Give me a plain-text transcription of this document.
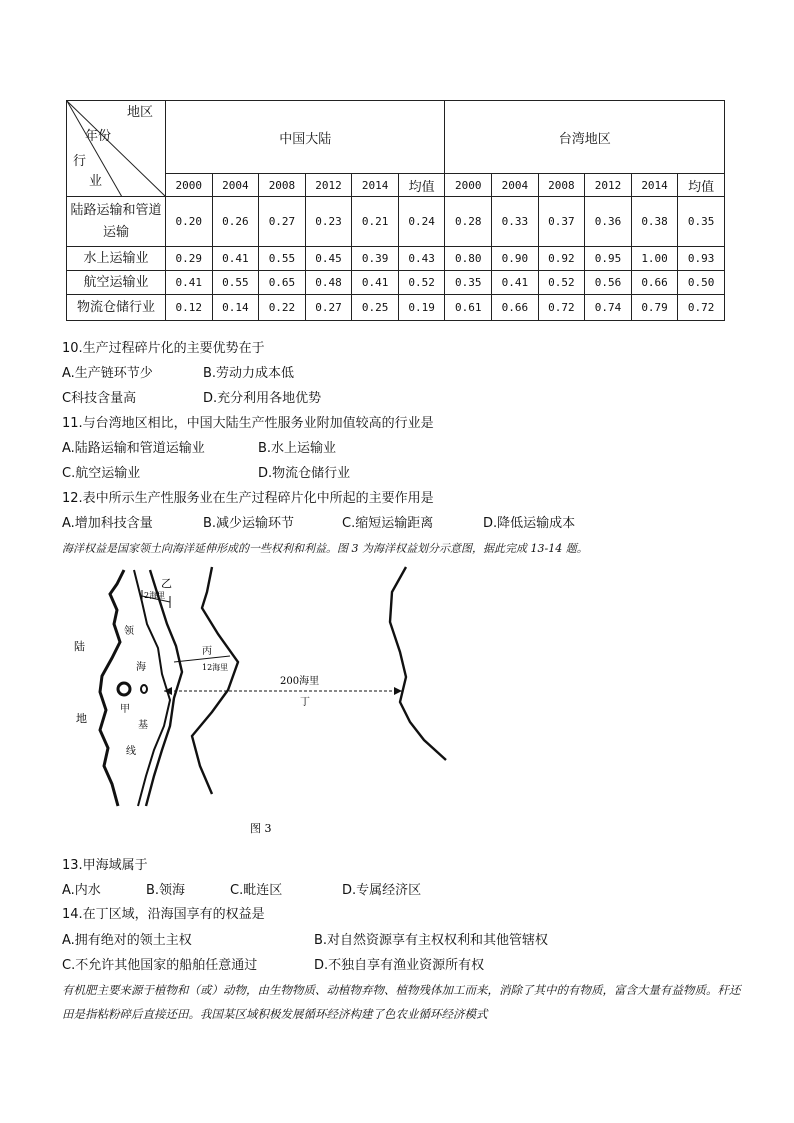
地区
年份
行
业	中国大陆						台湾地区					
	2000	2004	2008	2012	2014	均值	2000	2004	2008	2012	2014	均值
陆路运输和管道运输	0.20	0.26	0.27	0.23	0.21	0.24	0.28	0.33	0.37	0.36	0.38	0.35
水上运输业	0.29	0.41	0.55	0.45	0.39	0.43	0.80	0.90	0.92	0.95	1.00	0.93
航空运输业	0.41	0.55	0.65	0.48	0.41	0.52	0.35	0.41	0.52	0.56	0.66	0.50
物流仓储行业	0.12	0.14	0.22	0.27	0.25	0.19	0.61	0.66	0.72	0.74	0.79	0.72
10.生产过程碎片化的主要优势在于
A.生产链环节少	B.劳动力成本低
C科技含量高	D.充分利用各地优势
11.与台湾地区相比，中国大陆生产性服务业附加值较高的行业是
A.陆路运输和管道运输业	B.水上运输业
C.航空运输业	D.物流仓储行业
12.表中所示生产性服务业在生产过程碎片化中所起的主要作用是
A.增加科技含量	B.减少运输环节	C.缩短运输距离	D.降低运输成本
海洋权益是国家领土向海洋延伸形成的一些权利和利益。图 3 为海洋权益划分示意图，据此完成 13-14 题。
乙
2海里
丙
12海里
200海里
丁
陆
地
领
海
甲
基
线
图 3
13.甲海域属于
A.内水	B.领海	C.毗连区	D.专属经济区
14.在丁区域，沿海国享有的权益是
A.拥有绝对的领土主权	B.对自然资源享有主权权利和其他管辖权
C.不允许其他国家的船舶任意通过	D.不独自享有渔业资源所有权
有机肥主要来源于植物和（或）动物，由生物物质、动植物弃物、植物残体加工而来，消除了其中的有物质，富含大量有益物质。秆还田是指粘粉碎后直接还田。我国某区域积极发展循环经济构建了色农业循环经济模式
